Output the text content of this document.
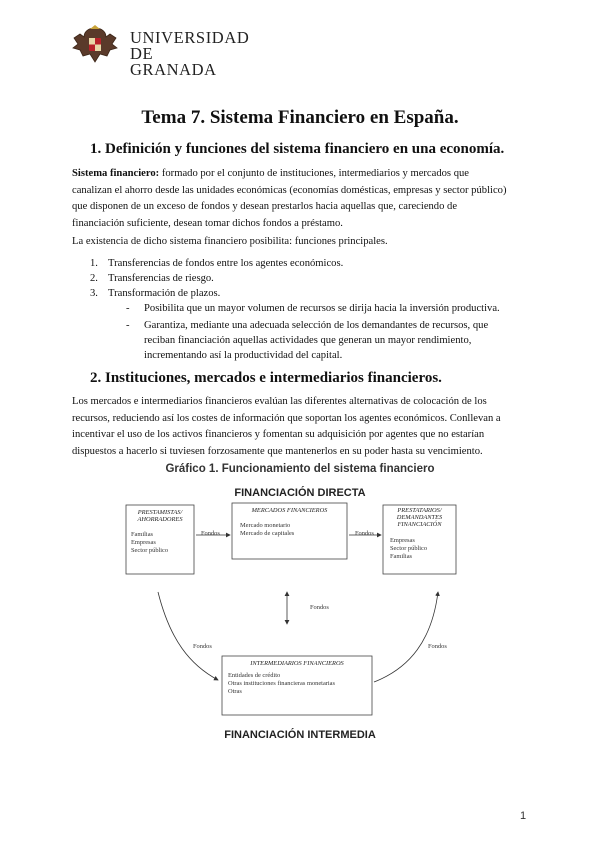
UNIVERSIDAD
DE GRANADA
Tema 7. Sistema Financiero en España.
1. Definición y funciones del sistema financiero en una economía.
Sistema financiero: formado por el conjunto de instituciones, intermediarios y mercados que
canalizan el ahorro desde las unidades económicas (economías domésticas, empresas y sector público)
que disponen de un exceso de fondos y desean prestarlos hacia aquellas que, careciendo de
financiación suficiente, desean tomar dichos fondos a préstamo.
La existencia de dicho sistema financiero posibilita: funciones principales.
1. Transferencias de fondos entre los agentes económicos.
2. Transferencias de riesgo.
3. Transformación de plazos.
- Posibilita que un mayor volumen de recursos se dirija hacia la inversión productiva.
- Garantiza, mediante una adecuada selección de los demandantes de recursos, que
reciban financiación aquellas actividades que generan un mayor rendimiento,
incrementando así la productividad del capital.
2. Instituciones, mercados e intermediarios financieros.
Los mercados e intermediarios financieros evalúan las diferentes alternativas de colocación de los
recursos, reduciendo así los costes de información que soportan los agentes económicos. Conllevan a
incentivar el uso de los activos financieros y fomentan su adquisición por agentes que no estarían
dispuestos a hacerlo si tuviesen forzosamente que mantenerlos en su poder hasta su vencimiento.
Gráfico 1. Funcionamiento del sistema financiero
FINANCIACIÓN DIRECTA
PRESTAMISTAS/
AHORRADORES
Familias
Empresas
Sector público
MERCADOS FINANCIEROS
Mercado monetario
Mercado de capitales
PRESTATARIOS/
DEMANDANTES
FINANCIACIÓN
Empresas
Sector público
Familias
INTERMEDIARIOS FINANCIEROS
Entidades de crédito
Otras instituciones financieras monetarias
Otras
Fondos	Fondos
Fondos
Fondos	Fondos
FINANCIACIÓN INTERMEDIA
1
